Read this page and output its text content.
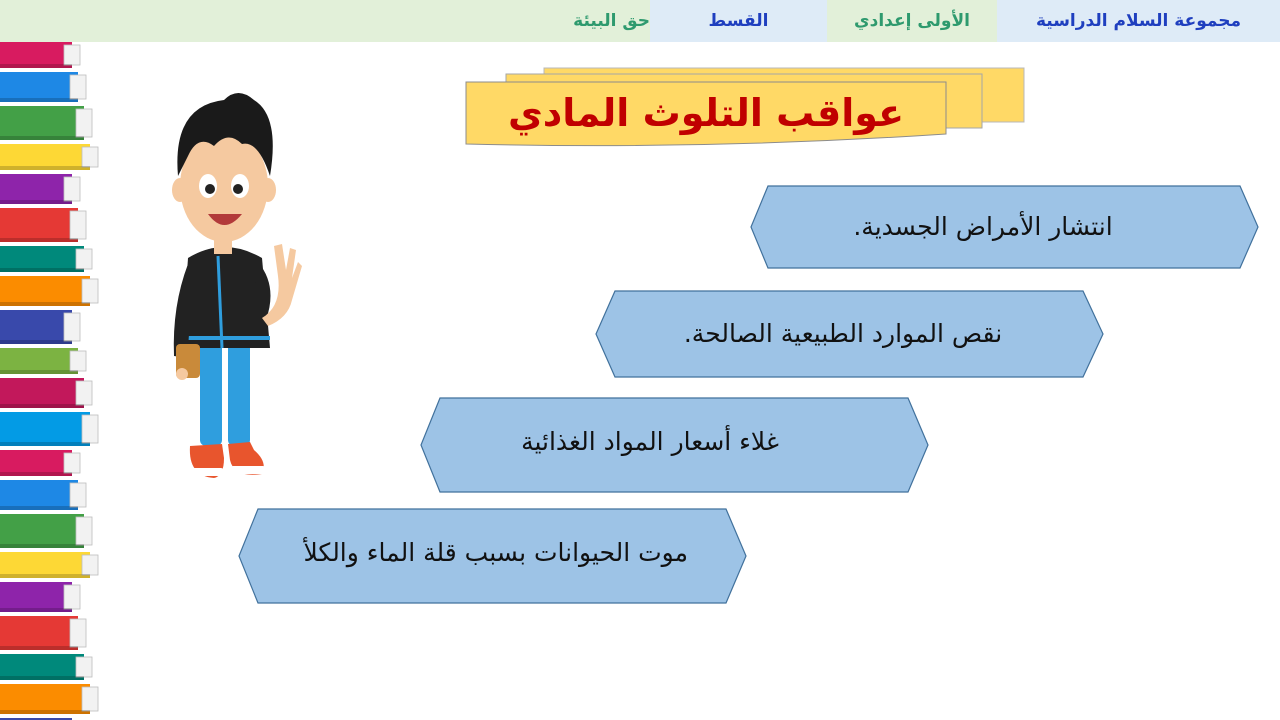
حق البيئة	القسط	الأولى إعدادي	مجموعة السلام الدراسية
عواقب التلوث المادي
انتشار الأمراض الجسدية.
نقص الموارد الطبيعية الصالحة.
غلاء أسعار المواد الغذائية
موت الحيوانات بسبب قلة الماء والكلأ
